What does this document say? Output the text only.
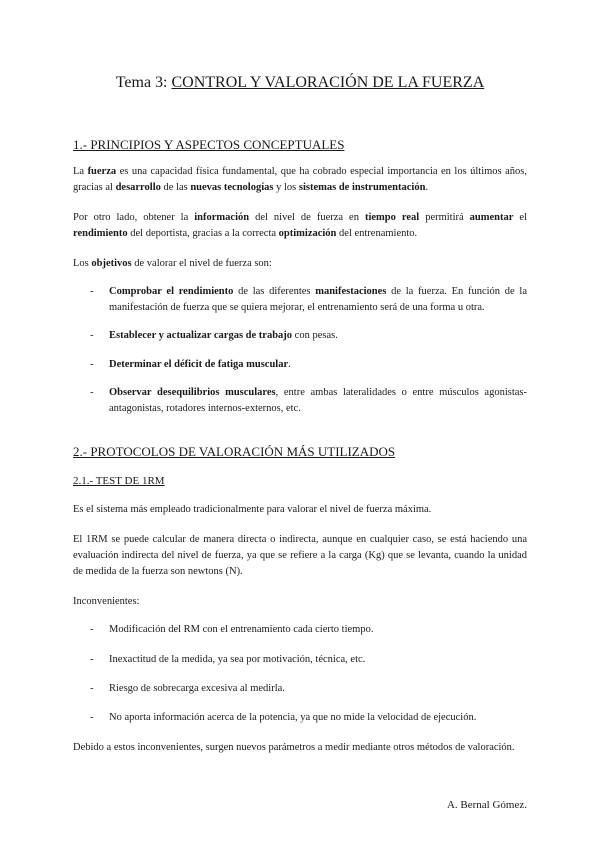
Tema 3: CONTROL Y VALORACIÓN DE LA FUERZA
1.- PRINCIPIOS Y ASPECTOS CONCEPTUALES
La fuerza es una capacidad física fundamental, que ha cobrado especial importancia en los últimos años, gracias al desarrollo de las nuevas tecnologías y los sistemas de instrumentación.
Por otro lado, obtener la información del nivel de fuerza en tiempo real permitirá aumentar el rendimiento del deportista, gracias a la correcta optimización del entrenamiento.
Los objetivos de valorar el nivel de fuerza son:
- Comprobar el rendimiento de las diferentes manifestaciones de la fuerza. En función de la manifestación de fuerza que se quiera mejorar, el entrenamiento será de una forma u otra.
- Establecer y actualizar cargas de trabajo con pesas.
- Determinar el déficit de fatiga muscular.
- Observar desequilibrios musculares, entre ambas lateralidades o entre músculos agonistas-antagonistas, rotadores internos-externos, etc.
2.- PROTOCOLOS DE VALORACIÓN MÁS UTILIZADOS
2.1.- TEST DE 1RM
Es el sistema más empleado tradicionalmente para valorar el nivel de fuerza máxima.
El 1RM se puede calcular de manera directa o indirecta, aunque en cualquier caso, se está haciendo una evaluación indirecta del nivel de fuerza, ya que se refiere a la carga (Kg) que se levanta, cuando la unidad de medida de la fuerza son newtons (N).
Inconvenientes:
- Modificación del RM con el entrenamiento cada cierto tiempo.
- Inexactitud de la medida, ya sea por motivación, técnica, etc.
- Riesgo de sobrecarga excesiva al medirla.
- No aporta información acerca de la potencia, ya que no mide la velocidad de ejecución.
Debido a estos inconvenientes, surgen nuevos parámetros a medir mediante otros métodos de valoración.
A. Bernal Gómez.
